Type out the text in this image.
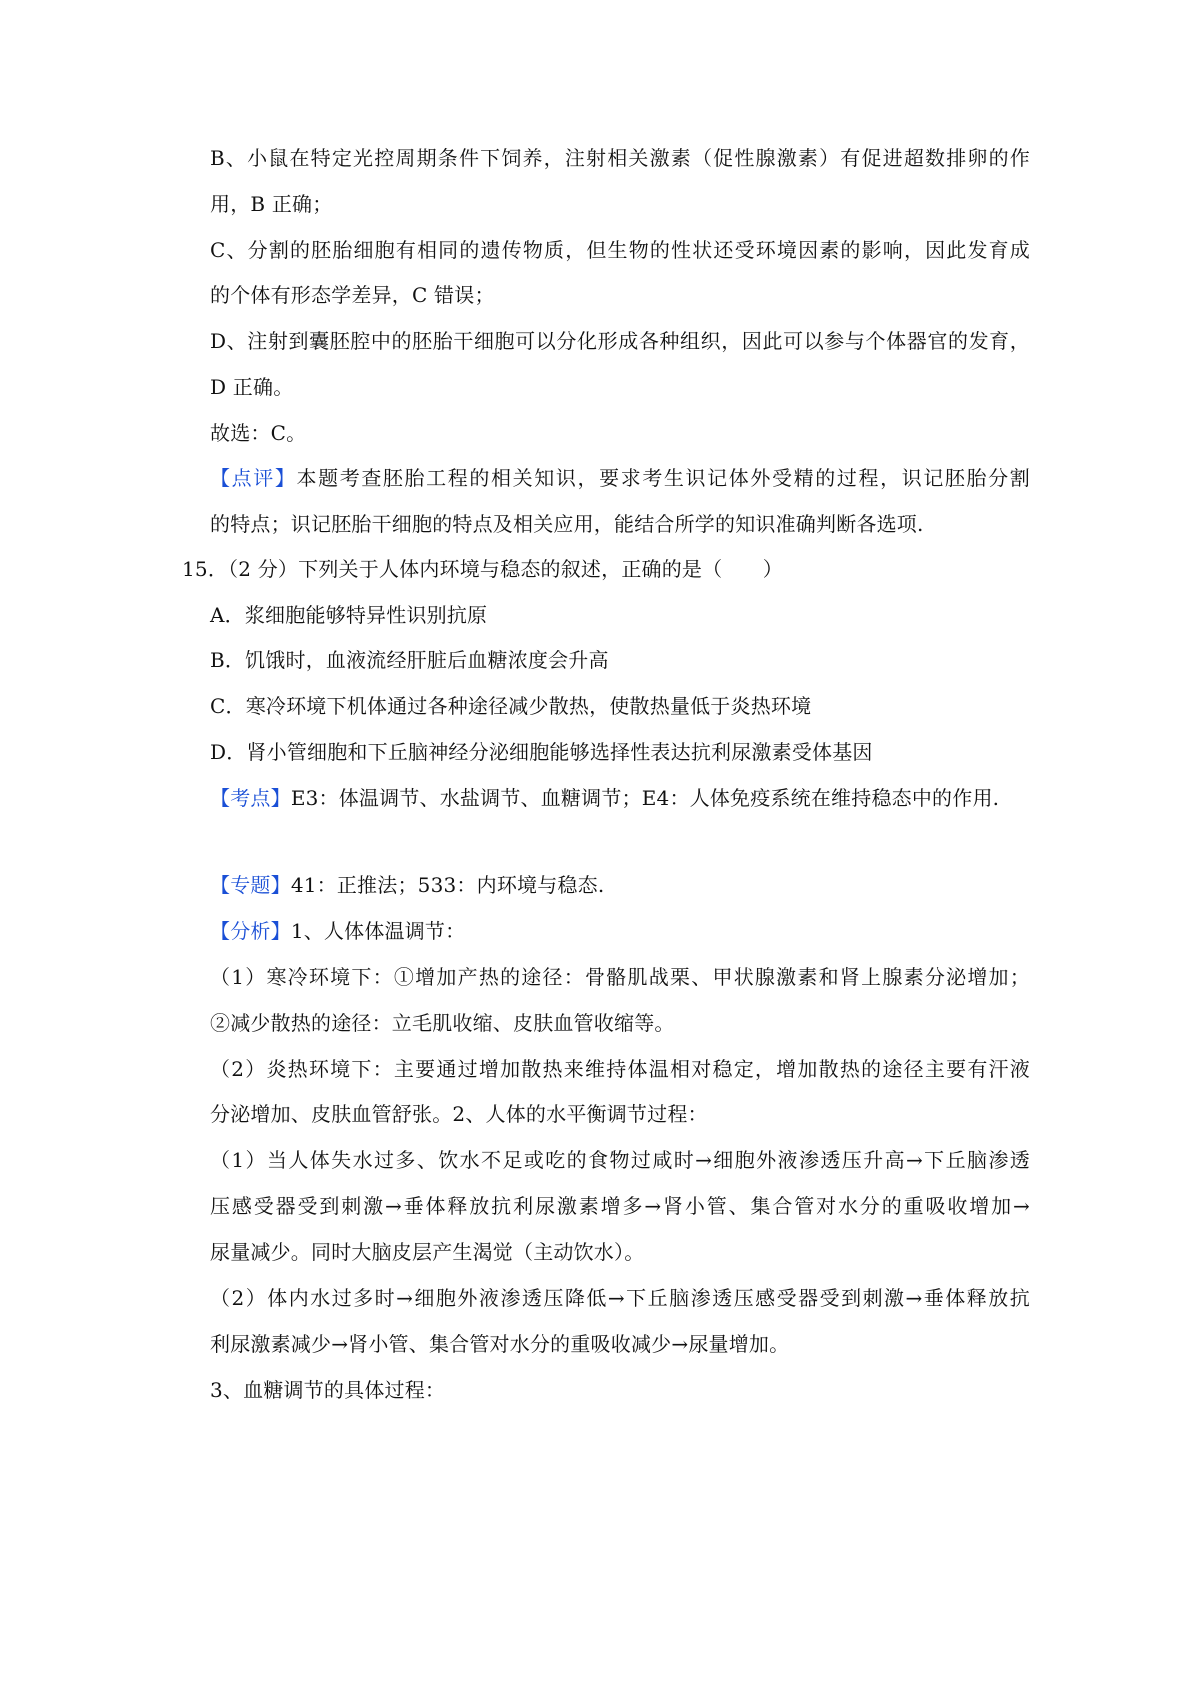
B、小鼠在特定光控周期条件下饲养，注射相关激素（促性腺激素）有促进超数排卵的作
用，B 正确；
C、分割的胚胎细胞有相同的遗传物质，但生物的性状还受环境因素的影响，因此发育成
的个体有形态学差异，C 错误；
D、注射到囊胚腔中的胚胎干细胞可以分化形成各种组织，因此可以参与个体器官的发育，
D 正确。
故选：C。
【点评】本题考查胚胎工程的相关知识，要求考生识记体外受精的过程，识记胚胎分割
的特点；识记胚胎干细胞的特点及相关应用，能结合所学的知识准确判断各选项.
15．（2 分）下列关于人体内环境与稳态的叙述，正确的是（　　）
A．浆细胞能够特异性识别抗原
B．饥饿时，血液流经肝脏后血糖浓度会升高
C．寒冷环境下机体通过各种途径减少散热，使散热量低于炎热环境
D．肾小管细胞和下丘脑神经分泌细胞能够选择性表达抗利尿激素受体基因
【考点】E3：体温调节、水盐调节、血糖调节；E4：人体免疫系统在维持稳态中的作用.
【专题】41：正推法；533：内环境与稳态.
【分析】1、人体体温调节：
（1）寒冷环境下：①增加产热的途径：骨骼肌战栗、甲状腺激素和肾上腺素分泌增加；
②减少散热的途径：立毛肌收缩、皮肤血管收缩等。
（2）炎热环境下：主要通过增加散热来维持体温相对稳定，增加散热的途径主要有汗液
分泌增加、皮肤血管舒张。2、人体的水平衡调节过程：
（1）当人体失水过多、饮水不足或吃的食物过咸时→细胞外液渗透压升高→下丘脑渗透
压感受器受到刺激→垂体释放抗利尿激素增多→肾小管、集合管对水分的重吸收增加→
尿量减少。同时大脑皮层产生渴觉（主动饮水）。
（2）体内水过多时→细胞外液渗透压降低→下丘脑渗透压感受器受到刺激→垂体释放抗
利尿激素减少→肾小管、集合管对水分的重吸收减少→尿量增加。
3、血糖调节的具体过程：
